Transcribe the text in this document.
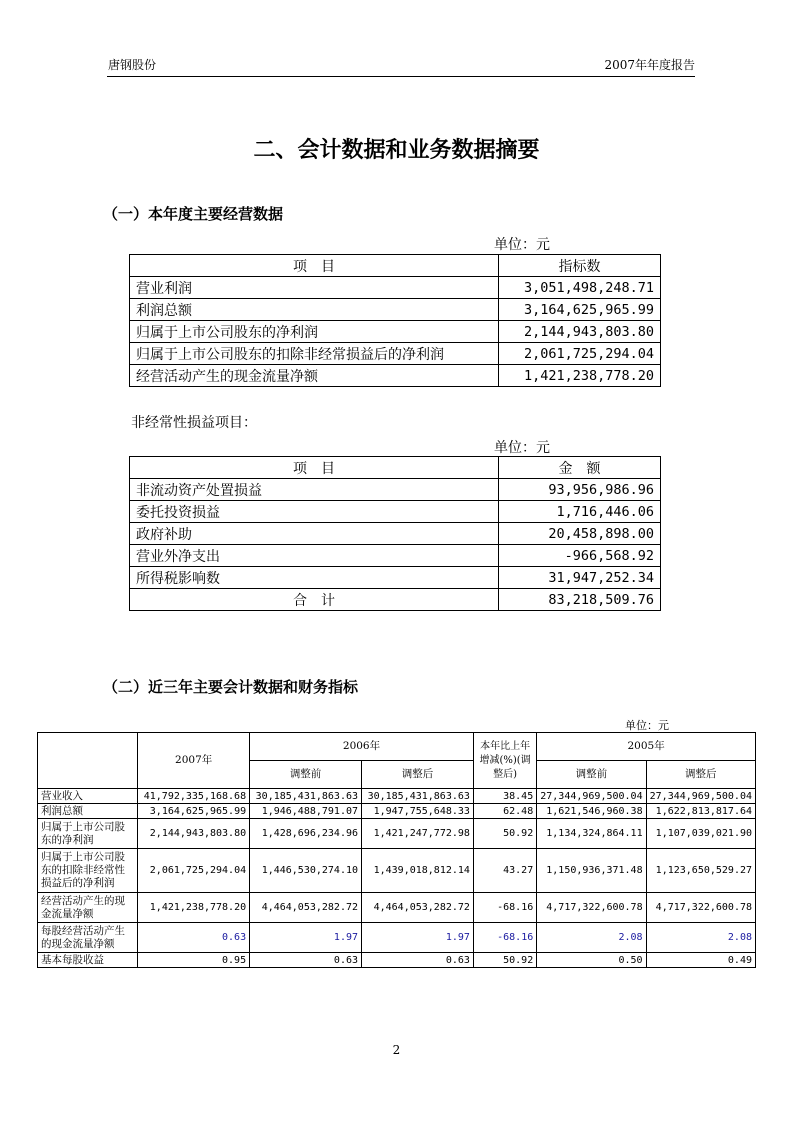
唐钢股份	2007年年度报告
二、会计数据和业务数据摘要
（一）本年度主要经营数据
单位：元
项　目	指标数
营业利润	3,051,498,248.71
利润总额	3,164,625,965.99
归属于上市公司股东的净利润	2,144,943,803.80
归属于上市公司股东的扣除非经常损益后的净利润	2,061,725,294.04
经营活动产生的现金流量净额	1,421,238,778.20
非经常性损益项目：
单位：元
项　目	金　额
非流动资产处置损益	93,956,986.96
委托投资损益	1,716,446.06
政府补助	20,458,898.00
营业外净支出	-966,568.92
所得税影响数	31,947,252.34
合　计	83,218,509.76
（二）近三年主要会计数据和财务指标
单位：元
	2007年	2006年		本年比上年增减(%)(调整后)	2005年	
		调整前	调整后		调整前	调整后
营业收入	41,792,335,168.68	30,185,431,863.63	30,185,431,863.63	38.45	27,344,969,500.04	27,344,969,500.04
利润总额	3,164,625,965.99	1,946,488,791.07	1,947,755,648.33	62.48	1,621,546,960.38	1,622,813,817.64
归属于上市公司股东的净利润	2,144,943,803.80	1,428,696,234.96	1,421,247,772.98	50.92	1,134,324,864.11	1,107,039,021.90
归属于上市公司股东的扣除非经常性损益后的净利润	2,061,725,294.04	1,446,530,274.10	1,439,018,812.14	43.27	1,150,936,371.48	1,123,650,529.27
经营活动产生的现金流量净额	1,421,238,778.20	4,464,053,282.72	4,464,053,282.72	-68.16	4,717,322,600.78	4,717,322,600.78
每股经营活动产生的现金流量净额	0.63	1.97	1.97	-68.16	2.08	2.08
基本每股收益	0.95	0.63	0.63	50.92	0.50	0.49
2
